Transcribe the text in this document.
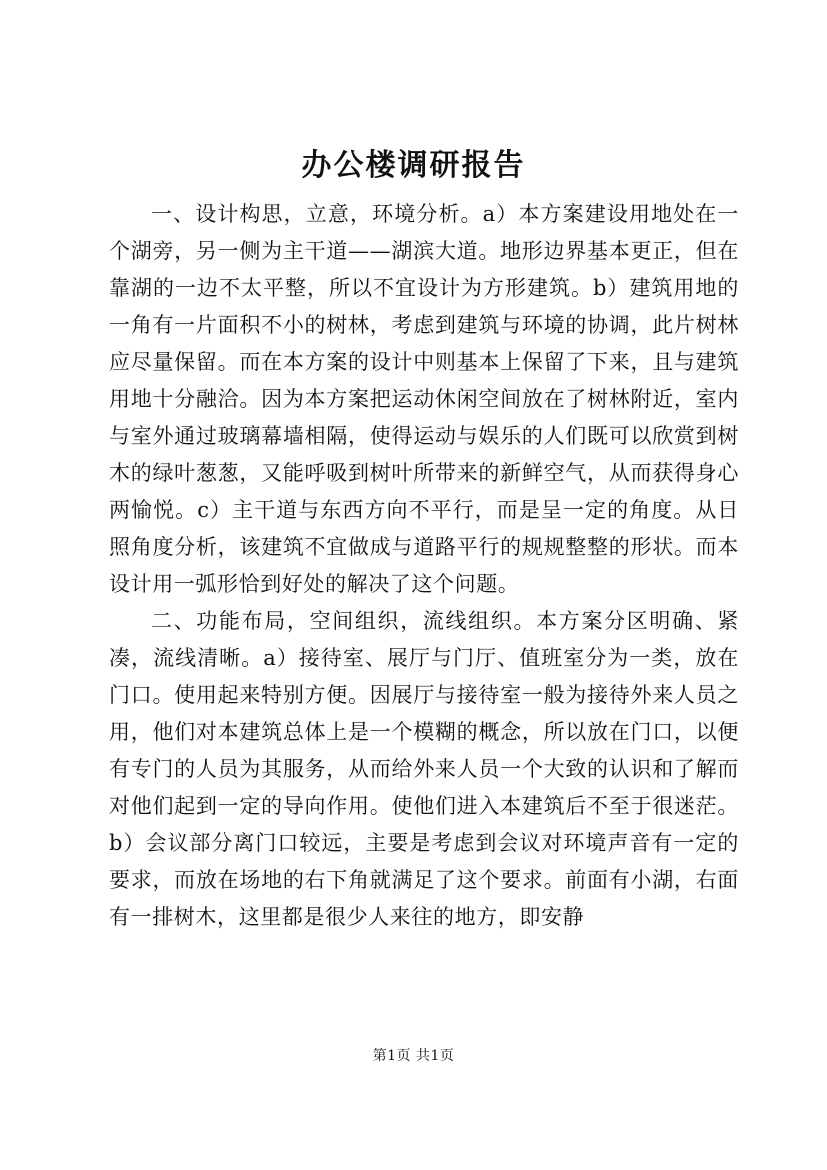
办公楼调研报告

一、设计构思，立意，环境分析。a）本方案建设用地处在一个湖旁，另一侧为主干道——湖滨大道。地形边界基本更正，但在靠湖的一边不太平整，所以不宜设计为方形建筑。b）建筑用地的一角有一片面积不小的树林，考虑到建筑与环境的协调，此片树林应尽量保留。而在本方案的设计中则基本上保留了下来，且与建筑用地十分融洽。因为本方案把运动休闲空间放在了树林附近，室内与室外通过玻璃幕墙相隔，使得运动与娱乐的人们既可以欣赏到树木的绿叶葱葱，又能呼吸到树叶所带来的新鲜空气，从而获得身心两愉悦。c）主干道与东西方向不平行，而是呈一定的角度。从日照角度分析，该建筑不宜做成与道路平行的规规整整的形状。而本设计用一弧形恰到好处的解决了这个问题。

二、功能布局，空间组织，流线组织。本方案分区明确、紧凑，流线清晰。a）接待室、展厅与门厅、值班室分为一类，放在门口。使用起来特别方便。因展厅与接待室一般为接待外来人员之用，他们对本建筑总体上是一个模糊的概念，所以放在门口，以便有专门的人员为其服务，从而给外来人员一个大致的认识和了解而对他们起到一定的导向作用。使他们进入本建筑后不至于很迷茫。b）会议部分离门口较远，主要是考虑到会议对环境声音有一定的要求，而放在场地的右下角就满足了这个要求。前面有小湖，右面有一排树木，这里都是很少人来往的地方，即安静

第1页 共1页
